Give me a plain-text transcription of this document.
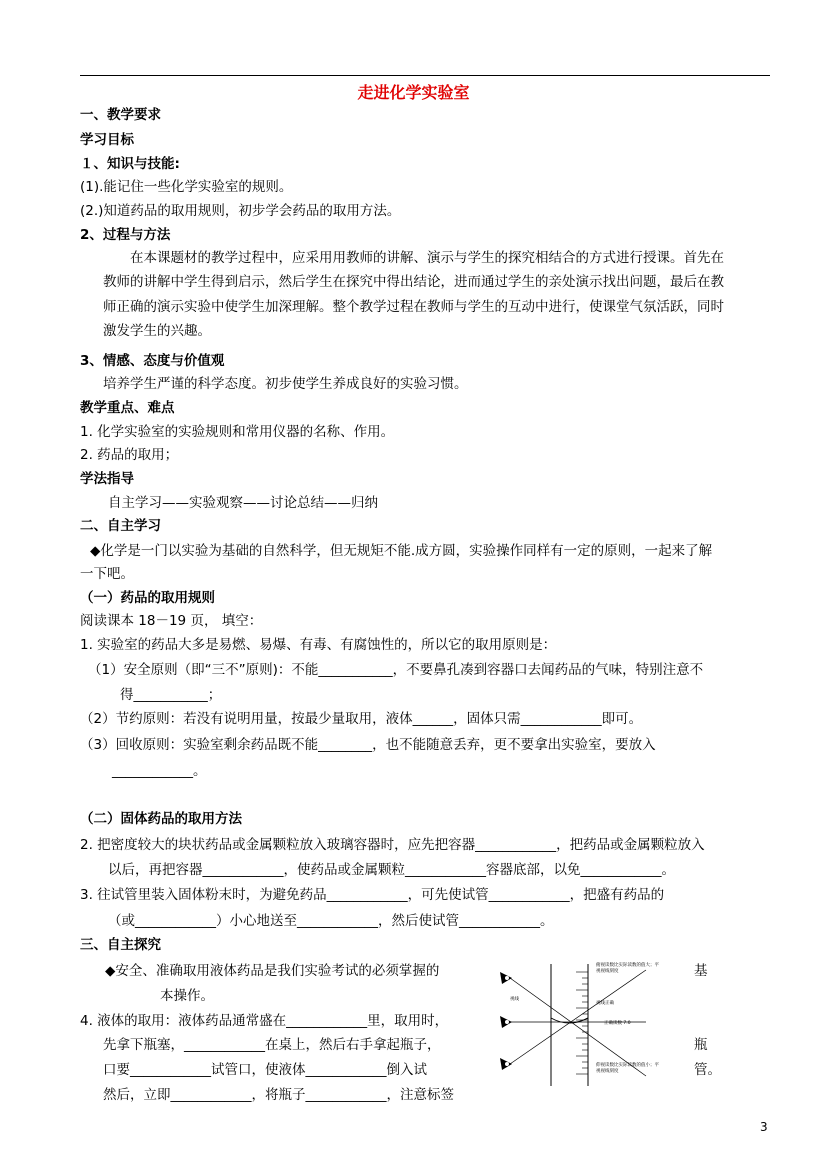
走进化学实验室
一、教学要求
学习目标
１、知识与技能:
(1).能记住一些化学实验室的规则。
(2.)知道药品的取用规则，初步学会药品的取用方法。
2、过程与方法
在本课题材的教学过程中，应采用用教师的讲解、演示与学生的探究相结合的方式进行授课。首先在
教师的讲解中学生得到启示，然后学生在探究中得出结论，进而通过学生的亲处演示找出问题，最后在教
师正确的演示实验中使学生加深理解。整个教学过程在教师与学生的互动中进行，使课堂气氛活跃，同时
激发学生的兴趣。
3、情感、态度与价值观
培养学生严谨的科学态度。初步使学生养成良好的实验习惯。
教学重点、难点
1. 化学实验室的实验规则和常用仪器的名称、作用。
2. 药品的取用；
学法指导
自主学习——实验观察——讨论总结——归纳
二、自主学习
◆化学是一门以实验为基础的自然科学，但无规矩不能.成方圆，实验操作同样有一定的原则，一起来了解
一下吧。
（一）药品的取用规则
阅读课本 18－19 页， 填空：
1. 实验室的药品大多是易燃、易爆、有毒、有腐蚀性的，所以它的取用原则是：
（1）安全原则（即“三不”原则)：不能___________，不要鼻孔凑到容器口去闻药品的气味，特别注意不
得___________；
（2）节约原则：若没有说明用量，按最少量取用，液体______，固体只需____________即可。
（3）回收原则：实验室剩余药品既不能________，也不能随意丢弃，更不要拿出实验室，要放入
____________。
（二）固体药品的取用方法
2. 把密度较大的块状药品或金属颗粒放入玻璃容器时，应先把容器____________，把药品或金属颗粒放入
以后，再把容器____________，使药品或金属颗粒____________容器底部，以免____________。
3. 往试管里装入固体粉末时，为避免药品____________，可先使试管____________，把盛有药品的
（或____________）小心地送至____________，然后使试管____________。
三、自主探究
◆安全、准确取用液体药品是我们实验考试的必须掌握的	基
本操作。
4. 液体的取用：液体药品通常盛在____________里，取用时，
先拿下瓶塞，____________在桌上，然后右手拿起瓶子，	瓶
口要____________试管口，使液体____________倒入试	管。
然后，立即____________，将瓶子____________，注意标签
俯视读数比实际读数的值大；平
视视线刻度
视线
视线正确
正确读数 7.0
仰视读数比实际读数的值小；平
视视线刻度
3
